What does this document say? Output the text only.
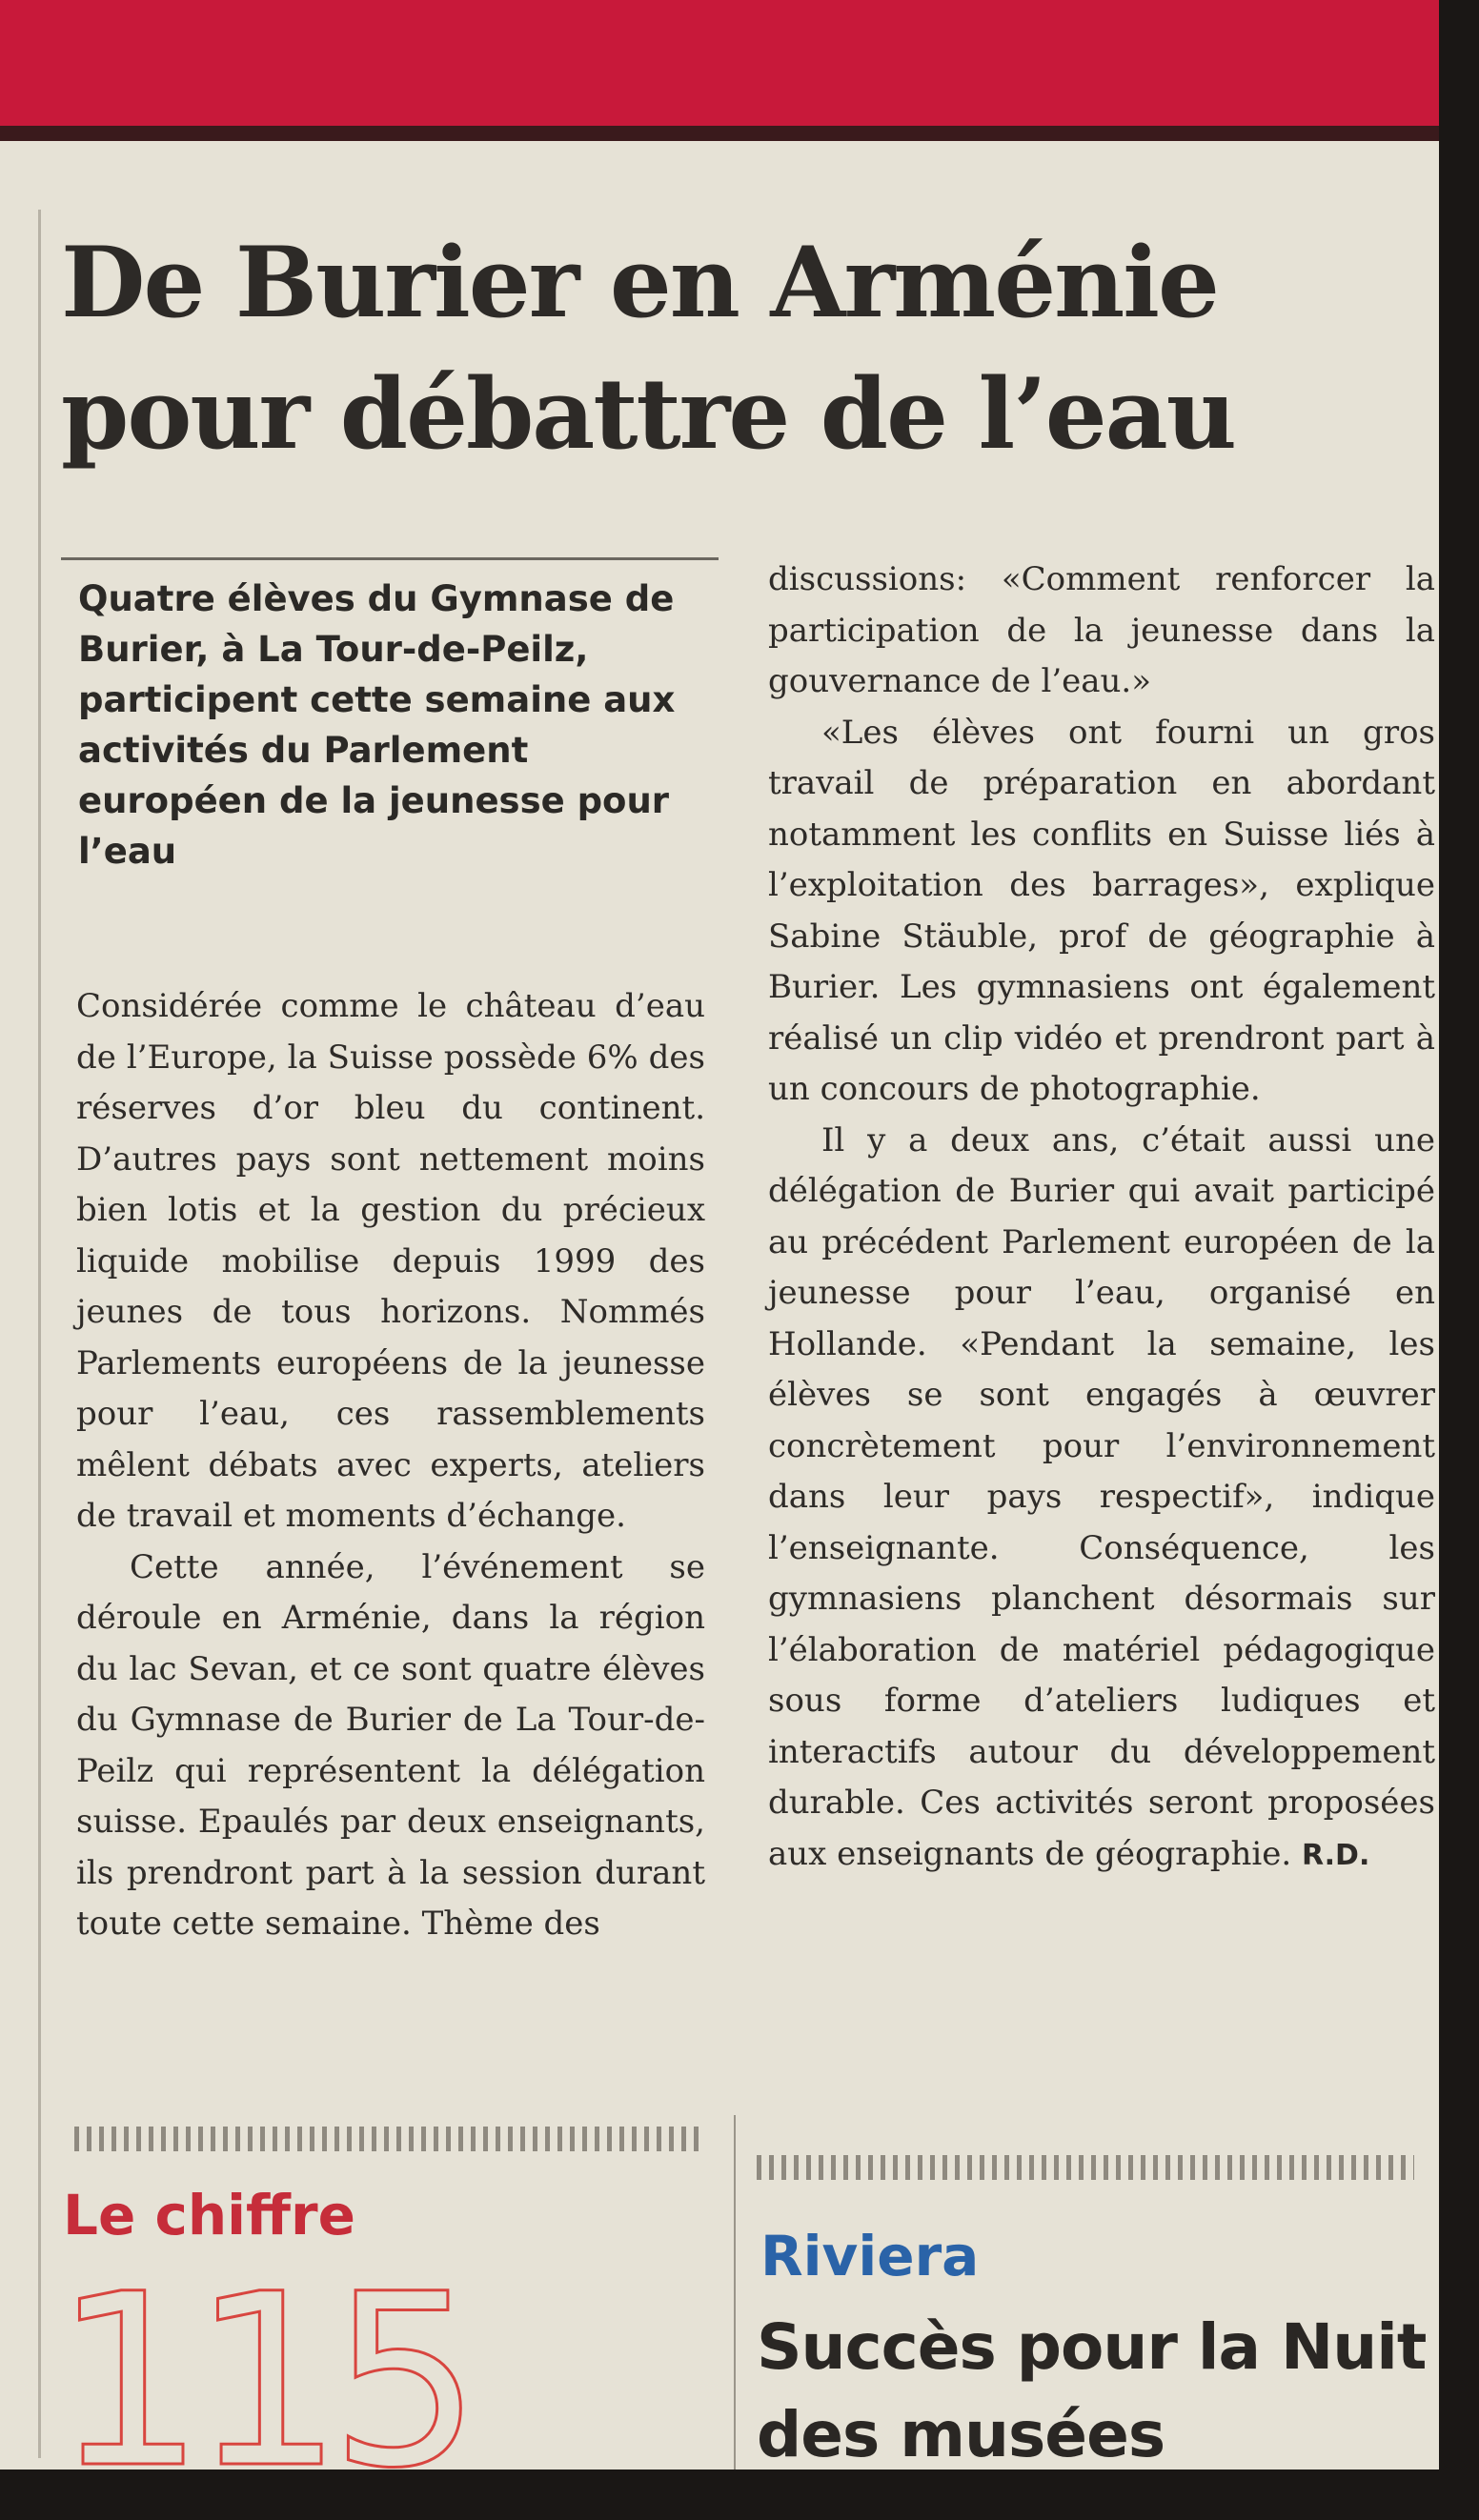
De Burier en Arménie pour débattre de l’eau

Quatre élèves du Gymnase de Burier, à La Tour-de-Peilz, participent cette semaine aux activités du Parlement européen de la jeunesse pour l’eau

Considérée comme le château d’eau de l’Europe, la Suisse possède 6% des réserves d’or bleu du continent. D’autres pays sont nettement moins bien lotis et la gestion du précieux liquide mobilise depuis 1999 des jeunes de tous horizons. Nommés Parlements européens de la jeunesse pour l’eau, ces rassemblements mêlent débats avec experts, ateliers de travail et moments d’échange.

Cette année, l’événement se déroule en Arménie, dans la région du lac Sevan, et ce sont quatre élèves du Gymnase de Burier de La Tour-de-Peilz qui représentent la délégation suisse. Epaulés par deux enseignants, ils prendront part à la session durant toute cette semaine. Thème des

discussions: «Comment renforcer la participation de la jeunesse dans la gouvernance de l’eau.»

«Les élèves ont fourni un gros travail de préparation en abordant notamment les conflits en Suisse liés à l’exploitation des barrages», explique Sabine Stäuble, prof de géographie à Burier. Les gymnasiens ont également réalisé un clip vidéo et prendront part à un concours de photographie.

Il y a deux ans, c’était aussi une délégation de Burier qui avait participé au précédent Parlement européen de la jeunesse pour l’eau, organisé en Hollande. «Pendant la semaine, les élèves se sont engagés à œuvrer concrètement pour l’environnement dans leur pays respectif», indique l’enseignante. Conséquence, les gymnasiens planchent désormais sur l’élaboration de matériel pédagogique sous forme d’ateliers ludiques et interactifs autour du développement durable. Ces activités seront proposées aux enseignants de géographie. R.D.

Le chiffre
115	Riviera
Succès pour la Nuit des musées
